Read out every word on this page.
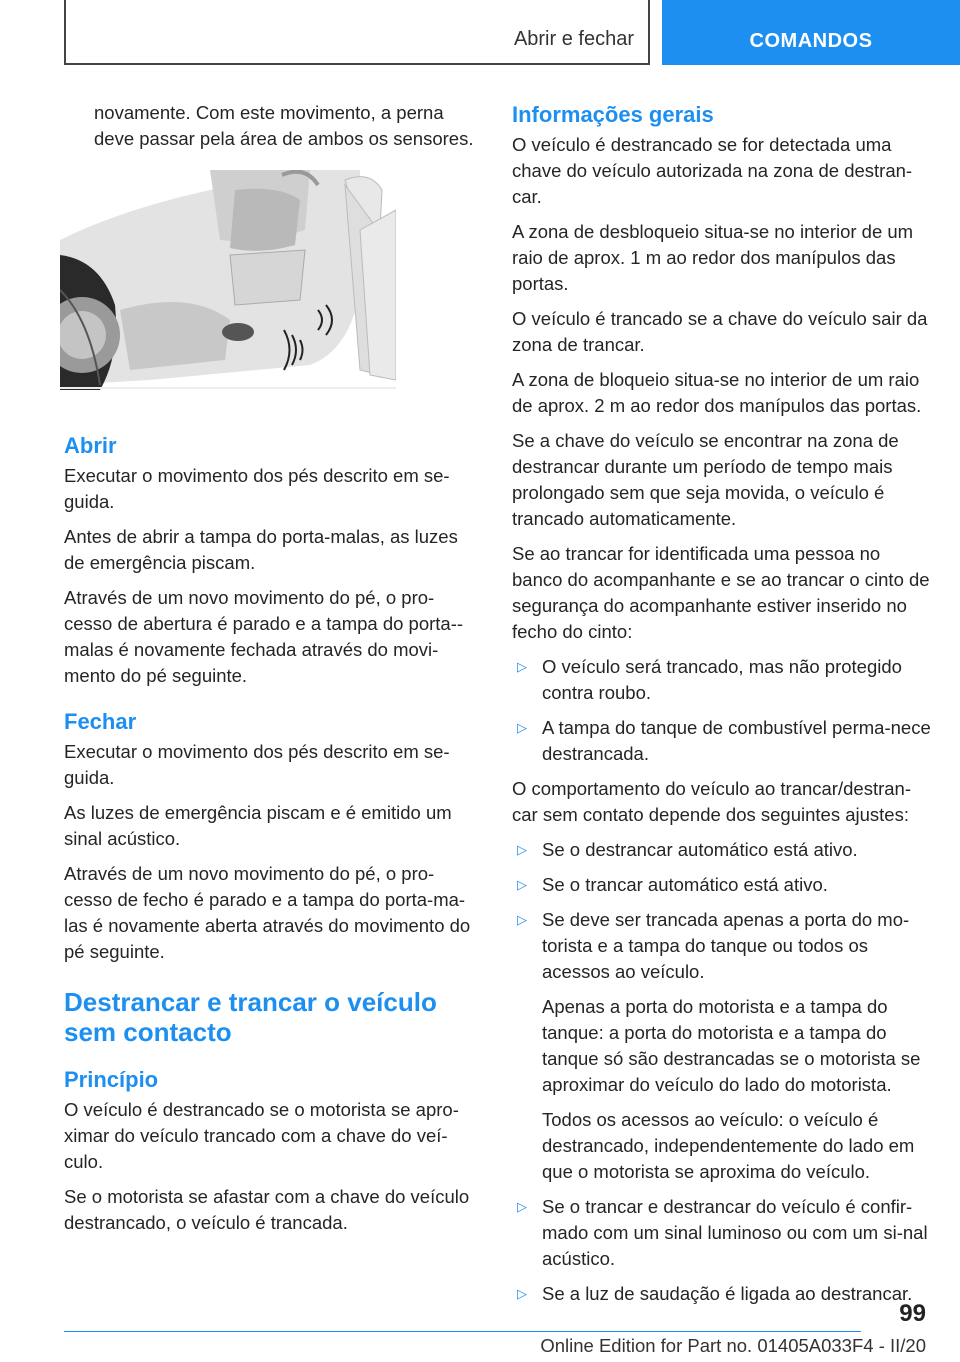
Abrir e fechar	COMANDOS

novamente. Com este movimento, a perna deve passar pela área de ambos os sensores.

Abrir

Executar o movimento dos pés descrito em se-guida.

Antes de abrir a tampa do porta-malas, as luzes de emergência piscam.

Através de um novo movimento do pé, o pro-cesso de abertura é parado e a tampa do porta--malas é novamente fechada através do movi-mento do pé seguinte.

Fechar

Executar o movimento dos pés descrito em se-guida.

As luzes de emergência piscam e é emitido um sinal acústico.

Através de um novo movimento do pé, o pro-cesso de fecho é parado e a tampa do porta-ma-las é novamente aberta através do movimento do pé seguinte.

Destrancar e trancar o veículo sem contacto
Princípio

O veículo é destrancado se o motorista se apro-ximar do veículo trancado com a chave do veí-culo.

Se o motorista se afastar com a chave do veículo destrancado, o veículo é trancada.

Informações gerais

O veículo é destrancado se for detectada uma chave do veículo autorizada na zona de destran-car.

A zona de desbloqueio situa-se no interior de um raio de aprox. 1 m ao redor dos manípulos das portas.

O veículo é trancado se a chave do veículo sair da zona de trancar.

A zona de bloqueio situa-se no interior de um raio de aprox. 2 m ao redor dos manípulos das portas.

Se a chave do veículo se encontrar na zona de destrancar durante um período de tempo mais prolongado sem que seja movida, o veículo é trancado automaticamente.

Se ao trancar for identificada uma pessoa no banco do acompanhante e se ao trancar o cinto de segurança do acompanhante estiver inserido no fecho do cinto:

▷ O veículo será trancado, mas não protegido contra roubo.
▷ A tampa do tanque de combustível perma-nece destrancada.

O comportamento do veículo ao trancar/destran-car sem contato depende dos seguintes ajustes:

▷ Se o destrancar automático está ativo.
▷ Se o trancar automático está ativo.
▷ Se deve ser trancada apenas a porta do mo-torista e a tampa do tanque ou todos os acessos ao veículo.

Apenas a porta do motorista e a tampa do tanque: a porta do motorista e a tampa do tanque só são destrancadas se o motorista se aproximar do veículo do lado do motorista.

Todos os acessos ao veículo: o veículo é destrancado, independentemente do lado em que o motorista se aproxima do veículo.

▷ Se o trancar e destrancar do veículo é confir-mado com um sinal luminoso ou com um si-nal acústico.
▷ Se a luz de saudação é ligada ao destrancar.
99
Online Edition for Part no. 01405A033F4 - II/20
